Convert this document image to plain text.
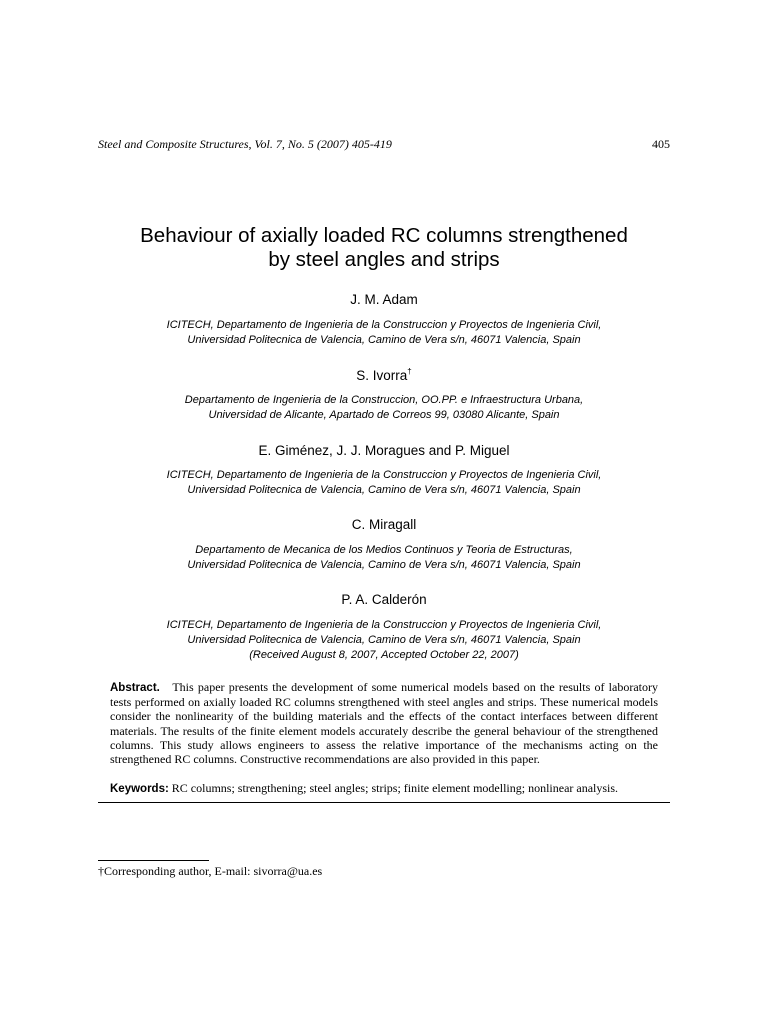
Steel and Composite Structures, Vol. 7, No. 5 (2007) 405-419	405
Behaviour of axially loaded RC columns strengthened
by steel angles and strips
J. M. Adam
ICITECH, Departamento de Ingenieria de la Construccion y Proyectos de Ingenieria Civil,
Universidad Politecnica de Valencia, Camino de Vera s/n, 46071 Valencia, Spain
S. Ivorra†
Departamento de Ingenieria de la Construccion, OO.PP. e Infraestructura Urbana,
Universidad de Alicante, Apartado de Correos 99, 03080 Alicante, Spain
E. Giménez, J. J. Moragues and P. Miguel
ICITECH, Departamento de Ingenieria de la Construccion y Proyectos de Ingenieria Civil,
Universidad Politecnica de Valencia, Camino de Vera s/n, 46071 Valencia, Spain
C. Miragall
Departamento de Mecanica de los Medios Continuos y Teoria de Estructuras,
Universidad Politecnica de Valencia, Camino de Vera s/n, 46071 Valencia, Spain
P. A. Calderón
ICITECH, Departamento de Ingenieria de la Construccion y Proyectos de Ingenieria Civil,
Universidad Politecnica de Valencia, Camino de Vera s/n, 46071 Valencia, Spain
(Received August 8, 2007, Accepted October 22, 2007)
Abstract. This paper presents the development of some numerical models based on the results of laboratory tests performed on axially loaded RC columns strengthened with steel angles and strips. These numerical models consider the nonlinearity of the building materials and the effects of the contact interfaces between different materials. The results of the finite element models accurately describe the general behaviour of the strengthened columns. This study allows engineers to assess the relative importance of the mechanisms acting on the strengthened RC columns. Constructive recommendations are also provided in this paper.
Keywords: RC columns; strengthening; steel angles; strips; finite element modelling; nonlinear analysis.
†Corresponding author, E-mail: sivorra@ua.es
